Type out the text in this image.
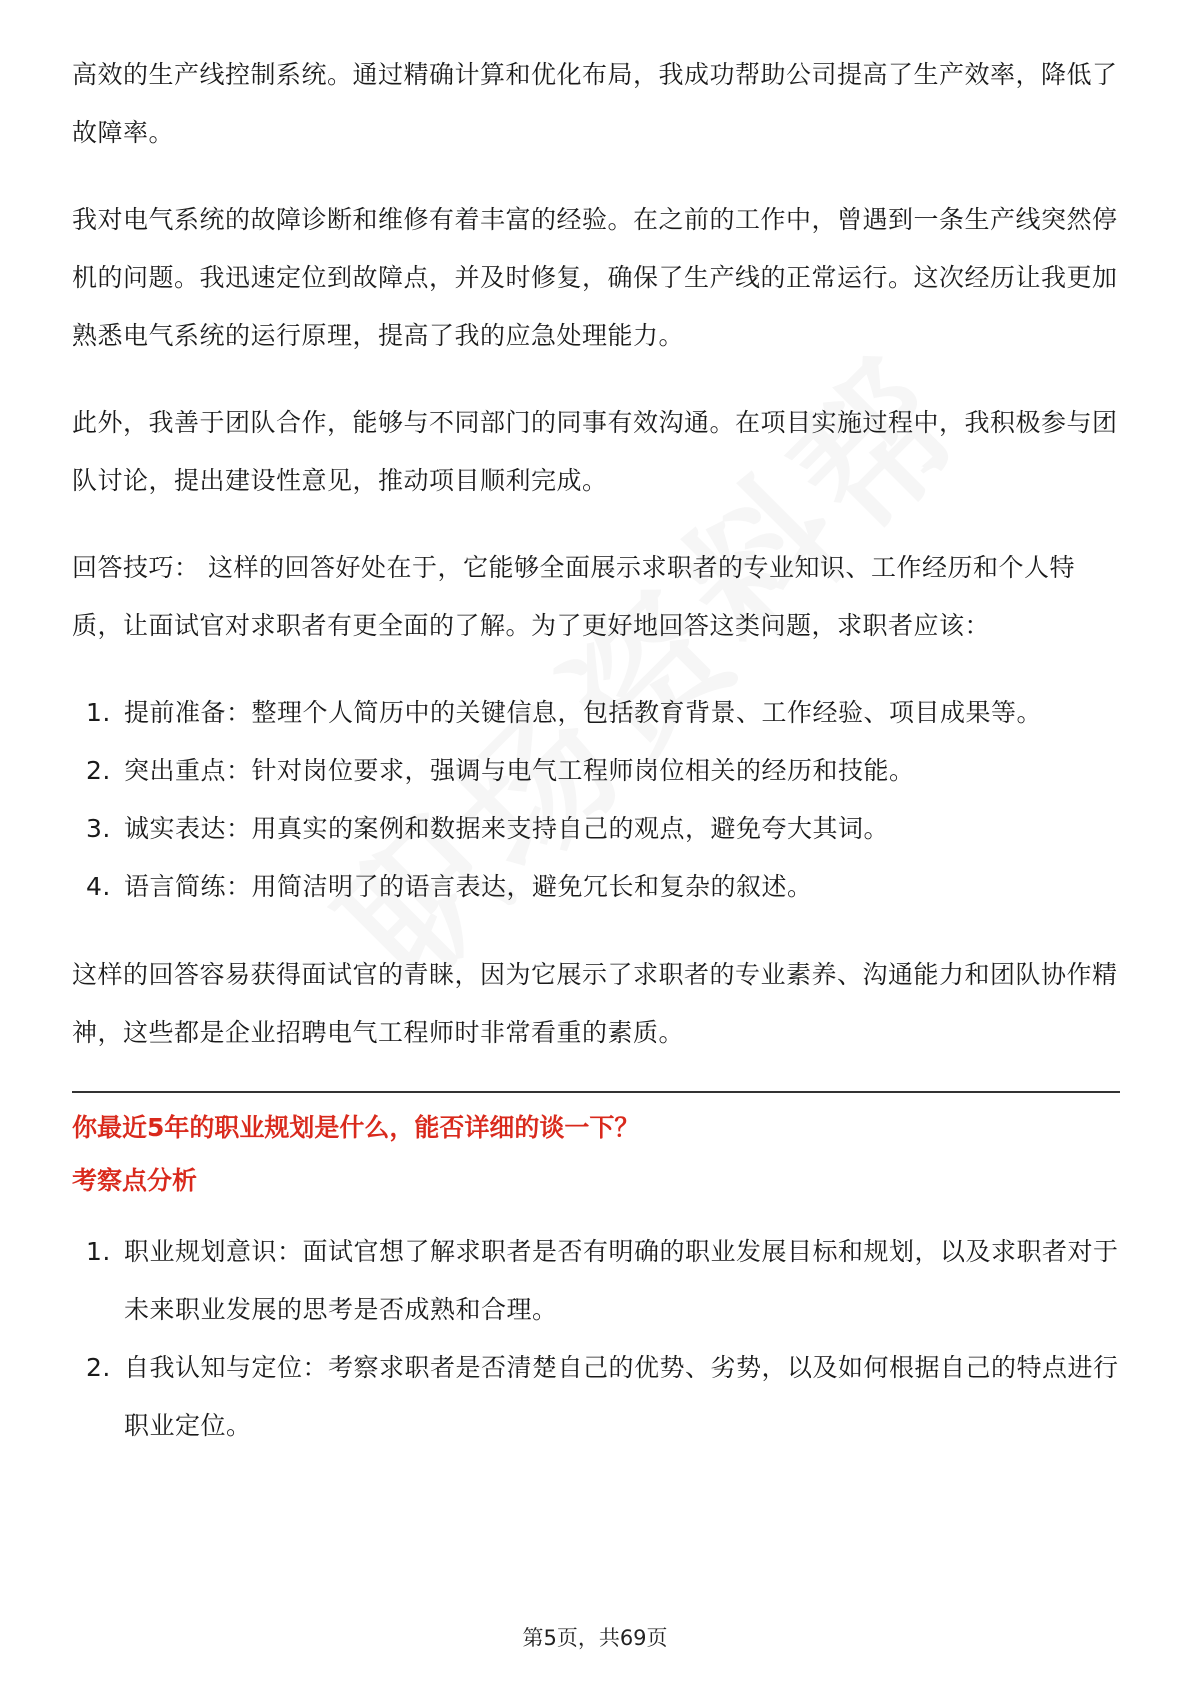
高效的生产线控制系统。通过精确计算和优化布局，我成功帮助公司提高了生产效率，降低了故障率。

我对电气系统的故障诊断和维修有着丰富的经验。在之前的工作中，曾遇到一条生产线突然停机的问题。我迅速定位到故障点，并及时修复，确保了生产线的正常运行。这次经历让我更加熟悉电气系统的运行原理，提高了我的应急处理能力。

此外，我善于团队合作，能够与不同部门的同事有效沟通。在项目实施过程中，我积极参与团队讨论，提出建设性意见，推动项目顺利完成。

回答技巧： 这样的回答好处在于，它能够全面展示求职者的专业知识、工作经历和个人特质，让面试官对求职者有更全面的了解。为了更好地回答这类问题，求职者应该：

1. 提前准备：整理个人简历中的关键信息，包括教育背景、工作经验、项目成果等。
2. 突出重点：针对岗位要求，强调与电气工程师岗位相关的经历和技能。
3. 诚实表达：用真实的案例和数据来支持自己的观点，避免夸大其词。
4. 语言简练：用简洁明了的语言表达，避免冗长和复杂的叙述。

这样的回答容易获得面试官的青睐，因为它展示了求职者的专业素养、沟通能力和团队协作精神，这些都是企业招聘电气工程师时非常看重的素质。

你最近5年的职业规划是什么，能否详细的谈一下？

考察点分析

1. 职业规划意识：面试官想了解求职者是否有明确的职业发展目标和规划，以及求职者对于未来职业发展的思考是否成熟和合理。
2. 自我认知与定位：考察求职者是否清楚自己的优势、劣势，以及如何根据自己的特点进行职业定位。
第5页，共69页
